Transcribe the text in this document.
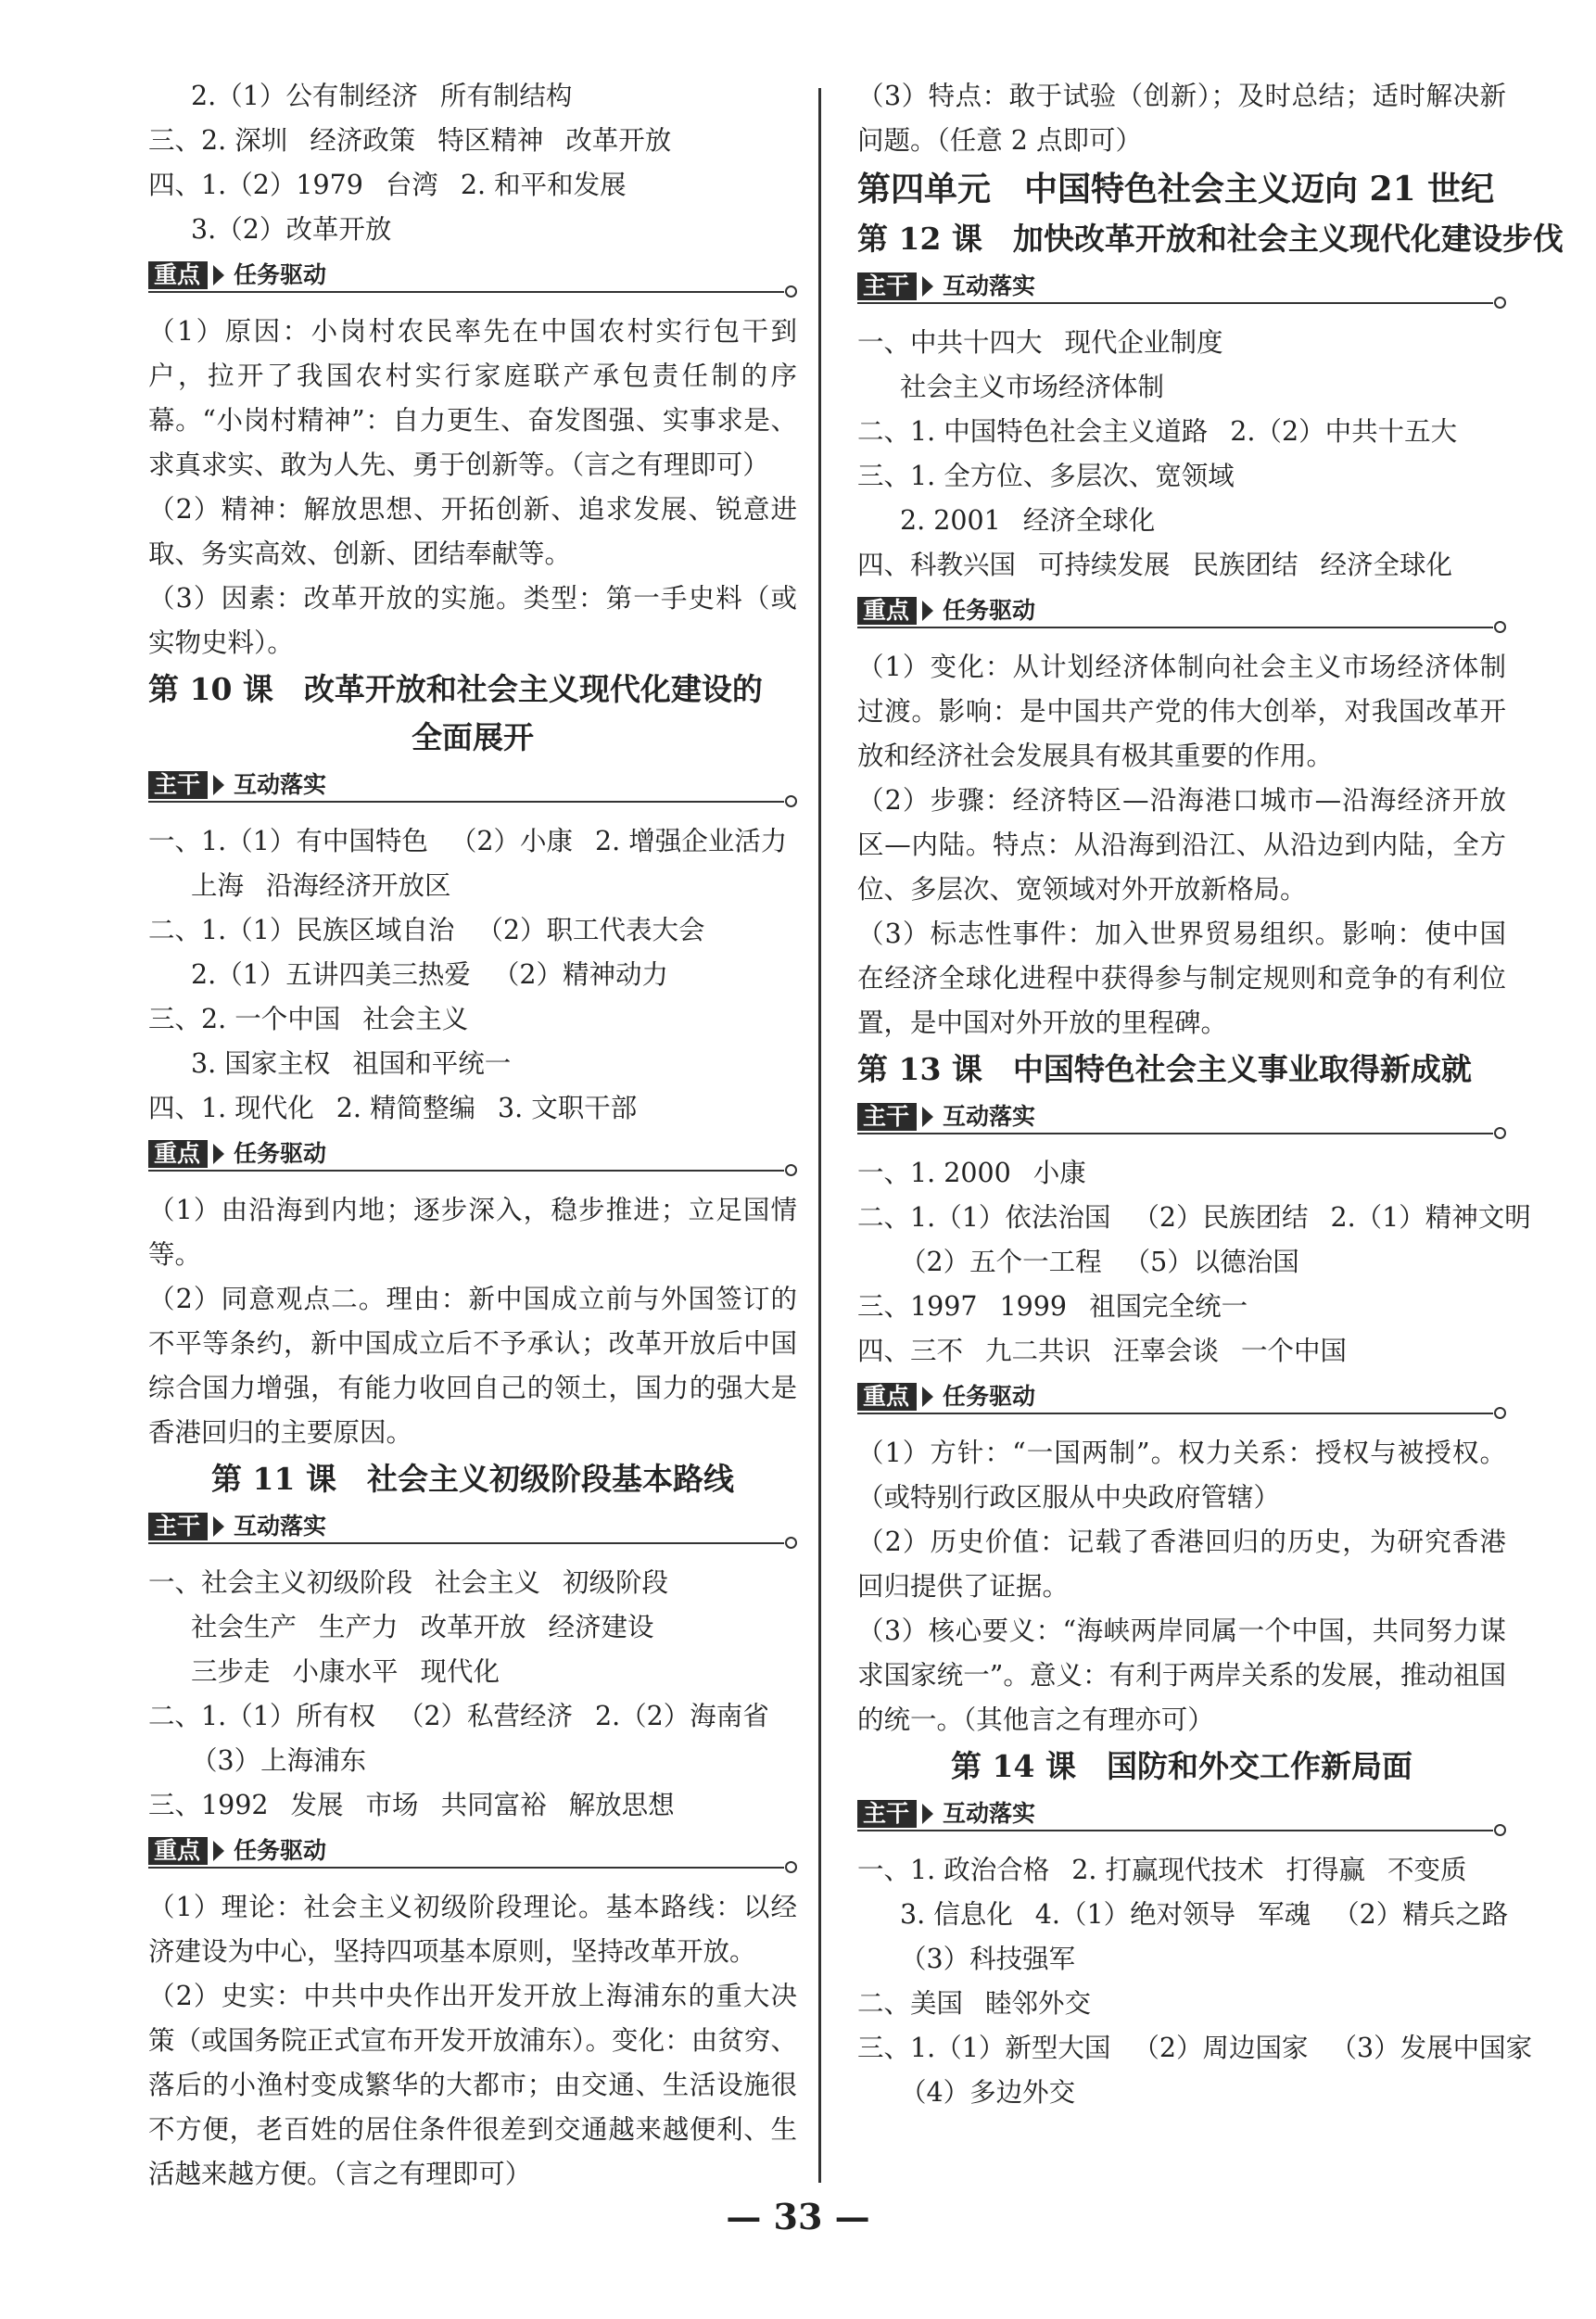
2.（1）公有制经济 所有制结构
三、2. 深圳 经济政策 特区精神 改革开放
四、1.（2）1979 台湾 2. 和平和发展
3.（2）改革开放
重点	任务驱动
（1）原因：小岗村农民率先在中国农村实行包干到户，拉开了我国农村实行家庭联产承包责任制的序幕。“小岗村精神”：自力更生、奋发图强、实事求是、求真求实、敢为人先、勇于创新等。（言之有理即可）
（2）精神：解放思想、开拓创新、追求发展、锐意进取、务实高效、创新、团结奉献等。
（3）因素：改革开放的实施。类型：第一手史料（或实物史料）。
第 10 课　改革开放和社会主义现代化建设的
全面展开
主干	互动落实
一、1.（1）有中国特色 （2）小康 2. 增强企业活力
上海 沿海经济开放区
二、1.（1）民族区域自治 （2）职工代表大会
2.（1）五讲四美三热爱 （2）精神动力
三、2. 一个中国 社会主义
3. 国家主权 祖国和平统一
四、1. 现代化 2. 精简整编 3. 文职干部
重点	任务驱动
（1）由沿海到内地；逐步深入，稳步推进；立足国情等。
（2）同意观点二。理由：新中国成立前与外国签订的不平等条约，新中国成立后不予承认；改革开放后中国综合国力增强，有能力收回自己的领土，国力的强大是香港回归的主要原因。
第 11 课　社会主义初级阶段基本路线
主干	互动落实
一、社会主义初级阶段 社会主义 初级阶段
社会生产 生产力 改革开放 经济建设
三步走 小康水平 现代化
二、1.（1）所有权 （2）私营经济 2.（2）海南省
（3）上海浦东
三、1992 发展 市场 共同富裕 解放思想
重点	任务驱动
（1）理论：社会主义初级阶段理论。基本路线：以经济建设为中心，坚持四项基本原则，坚持改革开放。
（2）史实：中共中央作出开发开放上海浦东的重大决策（或国务院正式宣布开发开放浦东）。变化：由贫穷、落后的小渔村变成繁华的大都市；由交通、生活设施很不方便，老百姓的居住条件很差到交通越来越便利、生活越来越方便。（言之有理即可）
（3）特点：敢于试验（创新）；及时总结；适时解决新问题。（任意 2 点即可）
第四单元　中国特色社会主义迈向 21 世纪
第 12 课　加快改革开放和社会主义现代化建设步伐
主干	互动落实
一、中共十四大 现代企业制度
社会主义市场经济体制
二、1. 中国特色社会主义道路 2.（2）中共十五大
三、1. 全方位、多层次、宽领域
2. 2001 经济全球化
四、科教兴国 可持续发展 民族团结 经济全球化
重点	任务驱动
（1）变化：从计划经济体制向社会主义市场经济体制过渡。影响：是中国共产党的伟大创举，对我国改革开放和经济社会发展具有极其重要的作用。
（2）步骤：经济特区—沿海港口城市—沿海经济开放区—内陆。特点：从沿海到沿江、从沿边到内陆，全方位、多层次、宽领域对外开放新格局。
（3）标志性事件：加入世界贸易组织。影响：使中国在经济全球化进程中获得参与制定规则和竞争的有利位置，是中国对外开放的里程碑。
第 13 课　中国特色社会主义事业取得新成就
主干	互动落实
一、1. 2000 小康
二、1.（1）依法治国 （2）民族团结 2.（1）精神文明
（2）五个一工程 （5）以德治国
三、1997 1999 祖国完全统一
四、三不 九二共识 汪辜会谈 一个中国
重点	任务驱动
（1）方针：“一国两制”。权力关系：授权与被授权。（或特别行政区服从中央政府管辖）
（2）历史价值：记载了香港回归的历史，为研究香港回归提供了证据。
（3）核心要义：“海峡两岸同属一个中国，共同努力谋求国家统一”。意义：有利于两岸关系的发展，推动祖国的统一。（其他言之有理亦可）
第 14 课　国防和外交工作新局面
主干	互动落实
一、1. 政治合格 2. 打赢现代技术 打得赢 不变质
3. 信息化 4.（1）绝对领导 军魂 （2）精兵之路
（3）科技强军
二、美国 睦邻外交
三、1.（1）新型大国 （2）周边国家 （3）发展中国家
（4）多边外交
— 33 —
